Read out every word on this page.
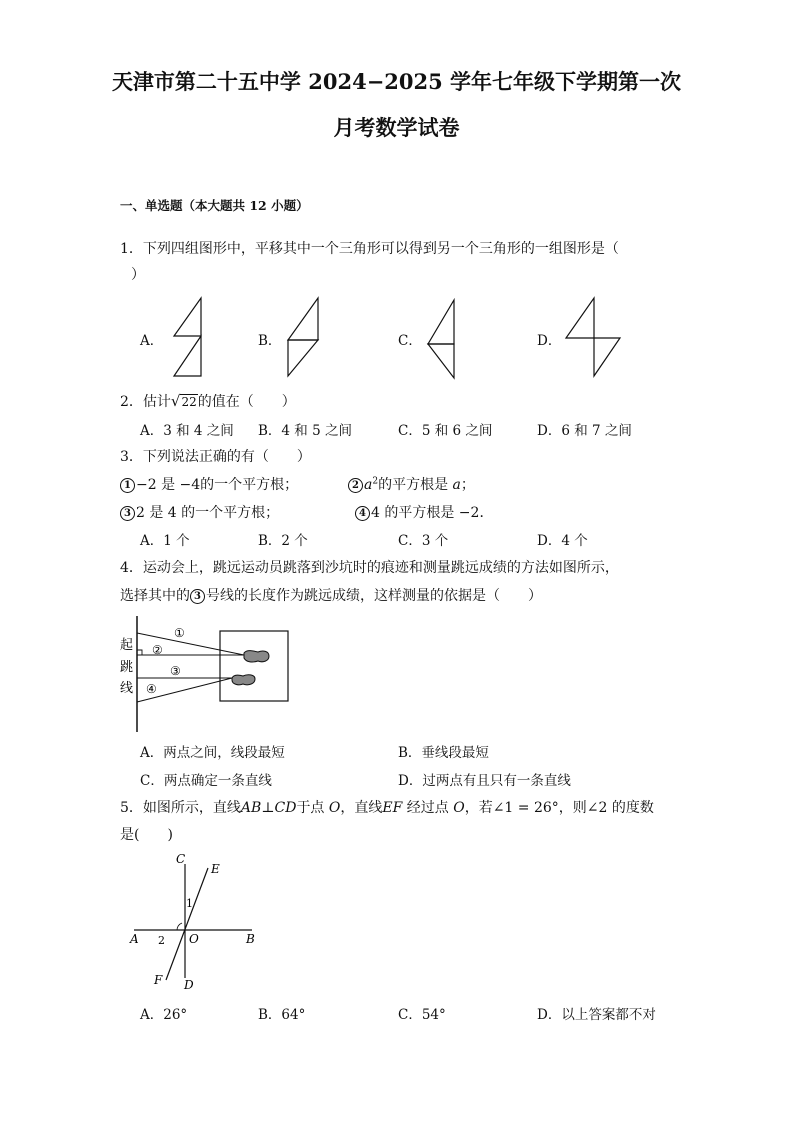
天津市第二十五中学 2024−2025 学年七年级下学期第一次
月考数学试卷
一、单选题（本大题共 12 小题）
1．下列四组图形中，平移其中一个三角形可以得到另一个三角形的一组图形是（
）
A．	B．	C．	D．
2．估计√22的值在（　　）
A．3 和 4 之间 B．4 和 5 之间	C．5 和 6 之间	D．6 和 7 之间
3．下列说法正确的有（　　）
1 −2 是 −4的一个平方根；	2 $a^2$的平方根是 a；
3 2 是 4 的一个平方根；	4 4 的平方根是 −2．
A．1 个	B．2 个	C．3 个	D．4 个
4．运动会上，跳远运动员跳落到沙坑时的痕迹和测量跳远成绩的方法如图所示，
选择其中的 3 号线的长度作为跳远成绩，这样测量的依据是（　　）
起
跳
线
①
②
③
④
A．两点之间，线段最短	B．垂线段最短
C．两点确定一条直线	D．过两点有且只有一条直线
5．如图所示，直线AB⊥CD于点 O，直线EF 经过点 O，若∠1 = 26°，则∠2 的度数
是(　　)
A	B
C
D
E
F
O
1
2
A．26°	B．64°	C．54°	D．以上答案都不对
